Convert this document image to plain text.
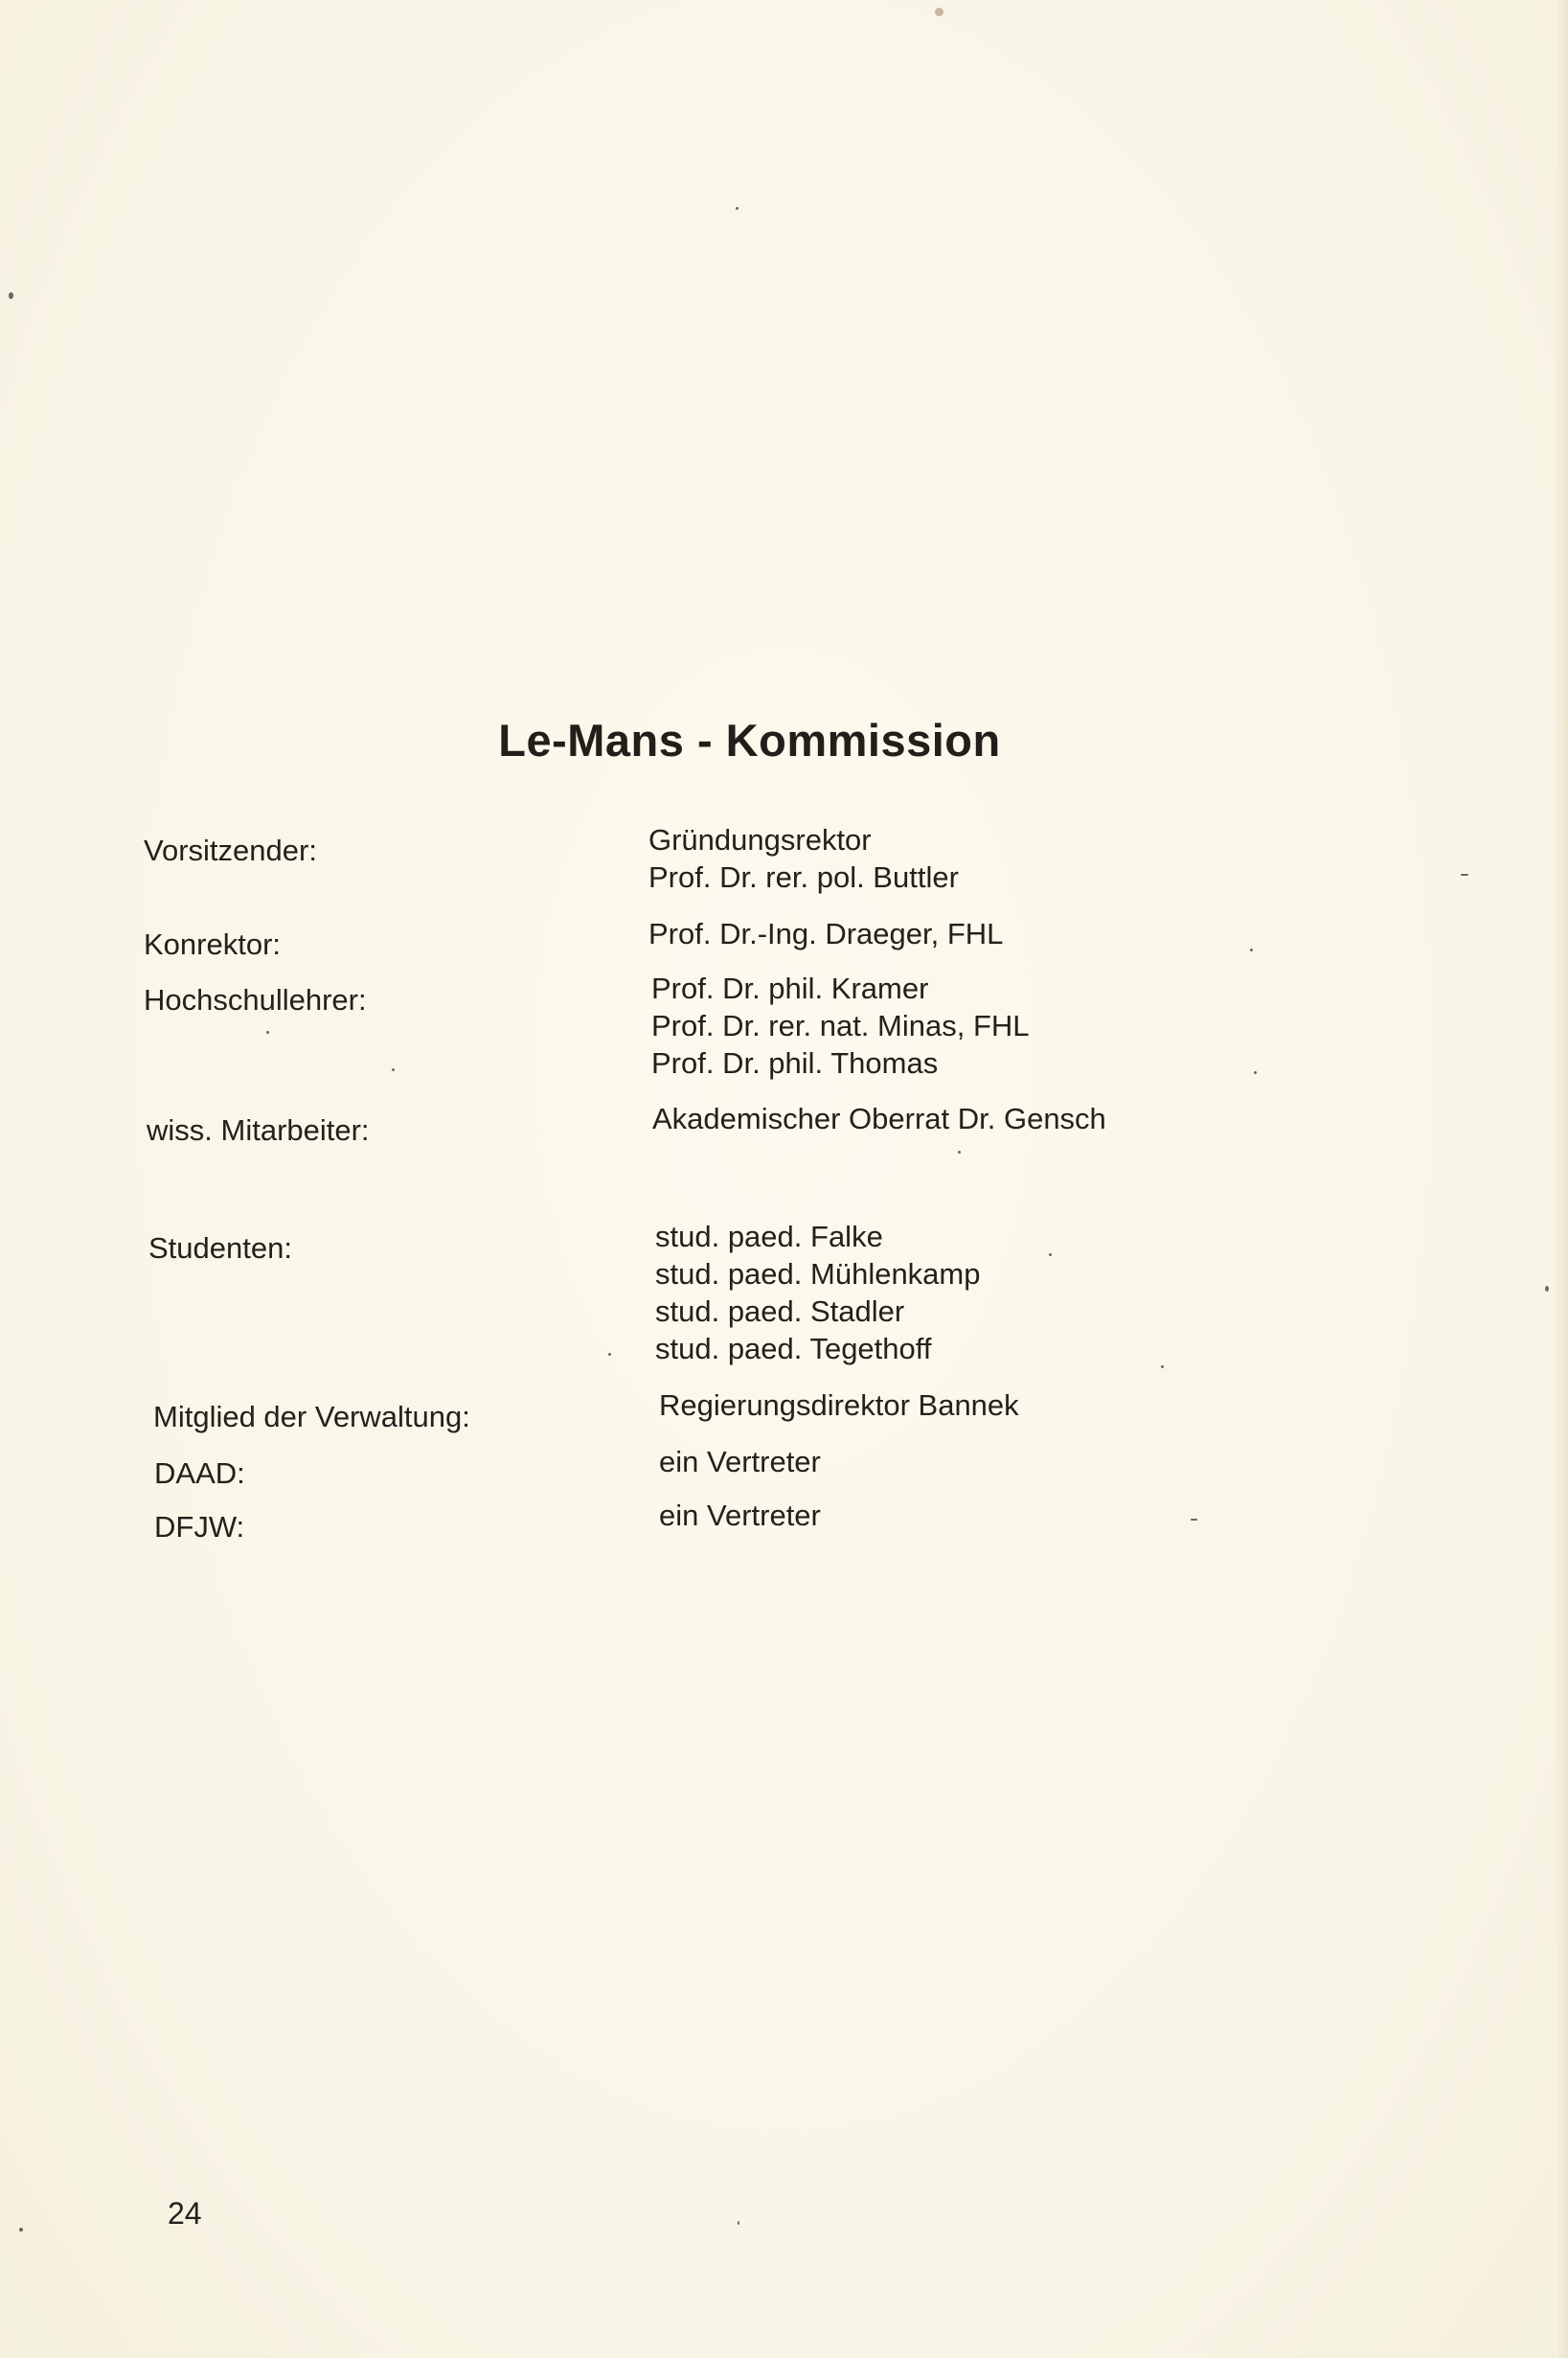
Le-Mans - Kommission
Vorsitzender:	Gründungsrektor
Prof. Dr. rer. pol. Buttler
Konrektor:	Prof. Dr.-Ing. Draeger, FHL
Hochschullehrer:	Prof. Dr. phil. Kramer
Prof. Dr. rer. nat. Minas, FHL
Prof. Dr. phil. Thomas
wiss. Mitarbeiter:	Akademischer Oberrat Dr. Gensch
Studenten:	stud. paed. Falke
stud. paed. Mühlenkamp
stud. paed. Stadler
stud. paed. Tegethoff
Mitglied der Verwaltung:	Regierungsdirektor Bannek
DAAD:	ein Vertreter
DFJW:	ein Vertreter
24
